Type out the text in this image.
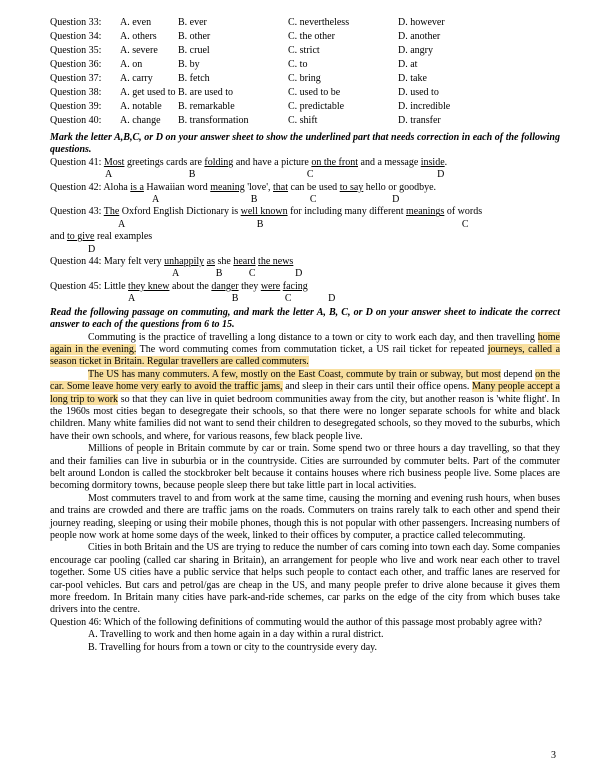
Question 33:	A. even	B. ever	C. nevertheless	D. however
Question 34:	A. others	B. other	C. the other	D. another
Question 35:	A. severe	B. cruel	C. strict	D. angry
Question 36:	A. on	B. by	C. to	D. at
Question 37:	A. carry	B. fetch	C. bring	D. take
Question 38:	A. get used to B. are used to	C. used to be	D. used to
Question 39:	A. notable	B. remarkable	C. predictable	D. incredible
Question 40:	A. change	B. transformation	C. shift	D. transfer
Mark the letter A,B,C, or D on your answer sheet to show the underlined part that needs correction in each of the following questions.
Question 41: Most greetings cards are folding and have a picture on the front and a message inside.
A	B	C	D
Question 42: Aloha is a Hawaiian word meaning 'love', that can be used to say hello or goodbye.
A	B	C	D
Question 43: The Oxford English Dictionary is well known for including many different meanings of words
A	B	C
and to give real examples
D
Question 44: Mary felt very unhappily as she heard the news
A	B	C	D
Question 45: Little they knew about the danger they were facing
A	B	C	D
Read the following passage on commuting, and mark the letter A, B, C, or D on your answer sheet to indicate the correct answer to each of the questions from 6 to 15.
Commuting is the practice of travelling a long distance to a town or city to work each day, and then travelling home again in the evening. The word commuting comes from commutation ticket, a US rail ticket for repeated journeys, called a season ticket in Britain. Regular travellers are called commuters.
The US has many commuters. A few, mostly on the East Coast, commute by train or subway, but most depend on the car. Some leave home very early to avoid the traffic jams, and sleep in their cars until their office opens. Many people accept a long trip to work so that they can live in quiet bedroom communities away from the city, but another reason is 'white flight'. In the 1960s most cities began to desegregate their schools, so that there were no longer separate schools for white and black children. Many white families did not want to send their children to desegregated schools, so they moved to the suburbs, which have their own schools, and where, for various reasons, few black people live.
Millions of people in Britain commute by car or train. Some spend two or three hours a day travelling, so that they and their families can live in suburbia or in the countryside. Cities are surrounded by commuter belts. Part of the commuter belt around London is called the stockbroker belt because it contains houses where rich business people live. Some places are becoming dormitory towns, because people sleep there but take little part in local activities.
Most commuters travel to and from work at the same time, causing the morning and evening rush hours, when buses and trains are crowded and there are traffic jams on the roads. Commuters on trains rarely talk to each other and spend their journey reading, sleeping or using their mobile phones, though this is not popular with other passengers. Increasing numbers of people now work at home some days of the week, linked to their offices by computer, a practice called telecommuting.
Cities in both Britain and the US are trying to reduce the number of cars coming into town each day. Some companies encourage car pooling (called car sharing in Britain), an arrangement for people who live and work near each other to travel together. Some US cities have a public service that helps such people to contact each other, and traffic lanes are reserved for car-pool vehicles. But cars and petrol/gas are cheap in the US, and many people prefer to drive alone because it gives them more freedom. In Britain many cities have park-and-ride schemes, car parks on the edge of the city from which buses take drivers into the centre.
Question 46: Which of the following definitions of commuting would the author of this passage most probably agree with?
A. Travelling to work and then home again in a day within a rural district.
B. Travelling for hours from a town or city to the countryside every day.
3
